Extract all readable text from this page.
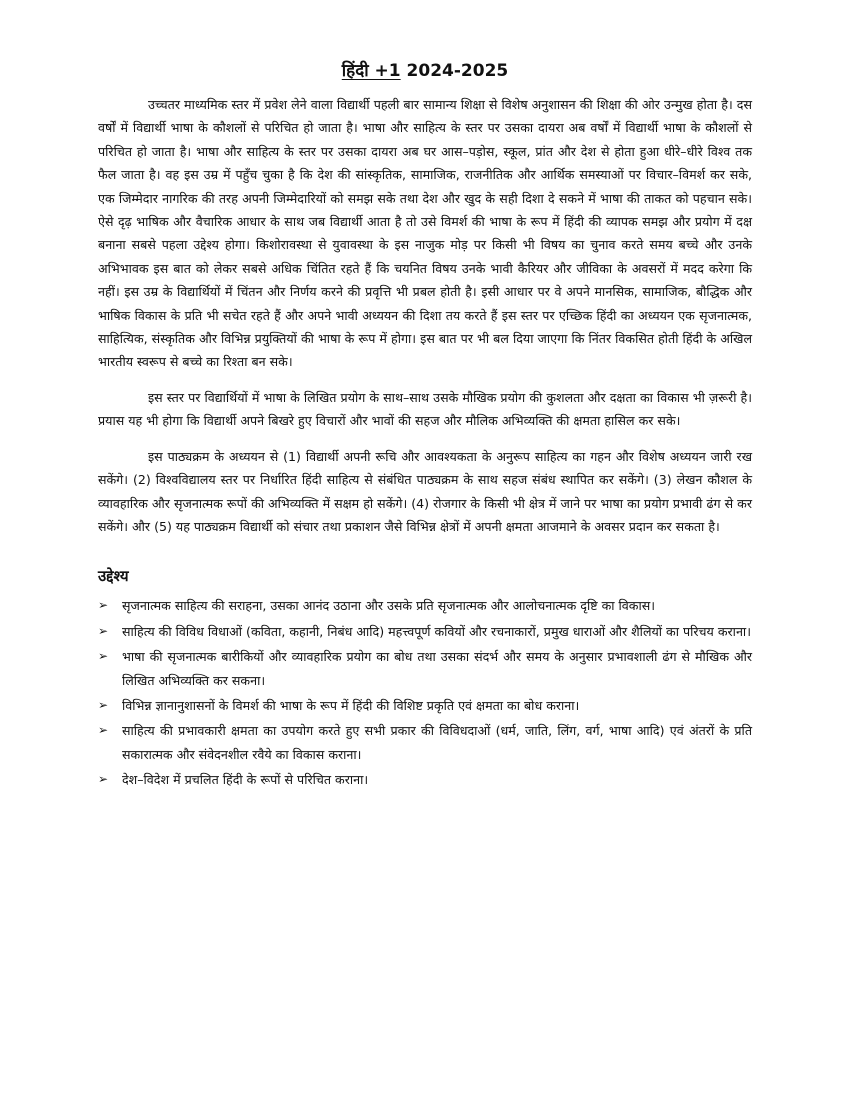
हिंदी +1 2024-2025

उच्चतर माध्यमिक स्तर में प्रवेश लेने वाला विद्यार्थी पहली बार सामान्य शिक्षा से विशेष अनुशासन की शिक्षा की ओर उन्मुख होता है। दस वर्षों में विद्यार्थी भाषा के कौशलों से परिचित हो जाता है। भाषा और साहित्य के स्तर पर उसका दायरा अब वर्षों में विद्यार्थी भाषा के कौशलों से परिचित हो जाता है। भाषा और साहित्य के स्तर पर उसका दायरा अब घर आस–पड़ोस, स्कूल, प्रांत और देश से होता हुआ धीरे–धीरे विश्व तक फैल जाता है। वह इस उम्र में पहुँच चुका है कि देश की सांस्कृतिक, सामाजिक, राजनीतिक और आर्थिक समस्याओं पर विचार–विमर्श कर सके, एक जिम्मेदार नागरिक की तरह अपनी जिम्मेदारियों को समझ सके तथा देश और खुद के सही दिशा दे सकने में भाषा की ताकत को पहचान सके। ऐसे दृढ़ भाषिक और वैचारिक आधार के साथ जब विद्यार्थी आता है तो उसे विमर्श की भाषा के रूप में हिंदी की व्यापक समझ और प्रयोग में दक्ष बनाना सबसे पहला उद्देश्य होगा। किशोरावस्था से युवावस्था के इस नाजुक मोड़ पर किसी भी विषय का चुनाव करते समय बच्चे और उनके अभिभावक इस बात को लेकर सबसे अधिक चिंतित रहते हैं कि चयनित विषय उनके भावी कैरियर और जीविका के अवसरों में मदद करेगा कि नहीं। इस उम्र के विद्यार्थियों में चिंतन और निर्णय करने की प्रवृत्ति भी प्रबल होती है। इसी आधार पर वे अपने मानसिक, सामाजिक, बौद्धिक और भाषिक विकास के प्रति भी सचेत रहते हैं और अपने भावी अध्ययन की दिशा तय करते हैं इस स्तर पर एच्छिक हिंदी का अध्ययन एक सृजनात्मक, साहित्यिक, संस्कृतिक और विभिन्न प्रयुक्तियों की भाषा के रूप में होगा। इस बात पर भी बल दिया जाएगा कि निंतर विकसित होती हिंदी के अखिल भारतीय स्वरूप से बच्चे का रिश्ता बन सके।

इस स्तर पर विद्यार्थियों में भाषा के लिखित प्रयोग के साथ–साथ उसके मौखिक प्रयोग की कुशलता और दक्षता का विकास भी ज़रूरी है। प्रयास यह भी होगा कि विद्यार्थी अपने बिखरे हुए विचारों और भावों की सहज और मौलिक अभिव्यक्ति की क्षमता हासिल कर सके।

इस पाठ्यक्रम के अध्ययन से (1) विद्यार्थी अपनी रूचि और आवश्यकता के अनुरूप साहित्य का गहन और विशेष अध्ययन जारी रख सकेंगे। (2) विश्वविद्यालय स्तर पर निर्धारित हिंदी साहित्य से संबंधित पाठ्यक्रम के साथ सहज संबंध स्थापित कर सकेंगे। (3) लेखन कौशल के व्यावहारिक और सृजनात्मक रूपों की अभिव्यक्ति में सक्षम हो सकेंगे। (4) रोजगार के किसी भी क्षेत्र में जाने पर भाषा का प्रयोग प्रभावी ढंग से कर सकेंगे। और (5) यह पाठ्यक्रम विद्यार्थी को संचार तथा प्रकाशन जैसे विभिन्न क्षेत्रों में अपनी क्षमता आजमाने के अवसर प्रदान कर सकता है।

उद्देश्य
➢ सृजनात्मक साहित्य की सराहना, उसका आनंद उठाना और उसके प्रति सृजनात्मक और आलोचनात्मक दृष्टि का विकास।
➢ साहित्य की विविध विधाओं (कविता, कहानी, निबंध आदि) महत्त्वपूर्ण कवियों और रचनाकारों, प्रमुख धाराओं और शैलियों का परिचय कराना।
➢ भाषा की सृजनात्मक बारीकियों और व्यावहारिक प्रयोग का बोध तथा उसका संदर्भ और समय के अनुसार प्रभावशाली ढंग से मौखिक और लिखित अभिव्यक्ति कर सकना।
➢ विभिन्न ज्ञानानुशासनों के विमर्श की भाषा के रूप में हिंदी की विशिष्ट प्रकृति एवं क्षमता का बोध कराना।
➢ साहित्य की प्रभावकारी क्षमता का उपयोग करते हुए सभी प्रकार की विविधदाओं (धर्म, जाति, लिंग, वर्ग, भाषा आदि) एवं अंतरों के प्रति सकारात्मक और संवेदनशील रवैये का विकास कराना।
➢ देश–विदेश में प्रचलित हिंदी के रूपों से परिचित कराना।
